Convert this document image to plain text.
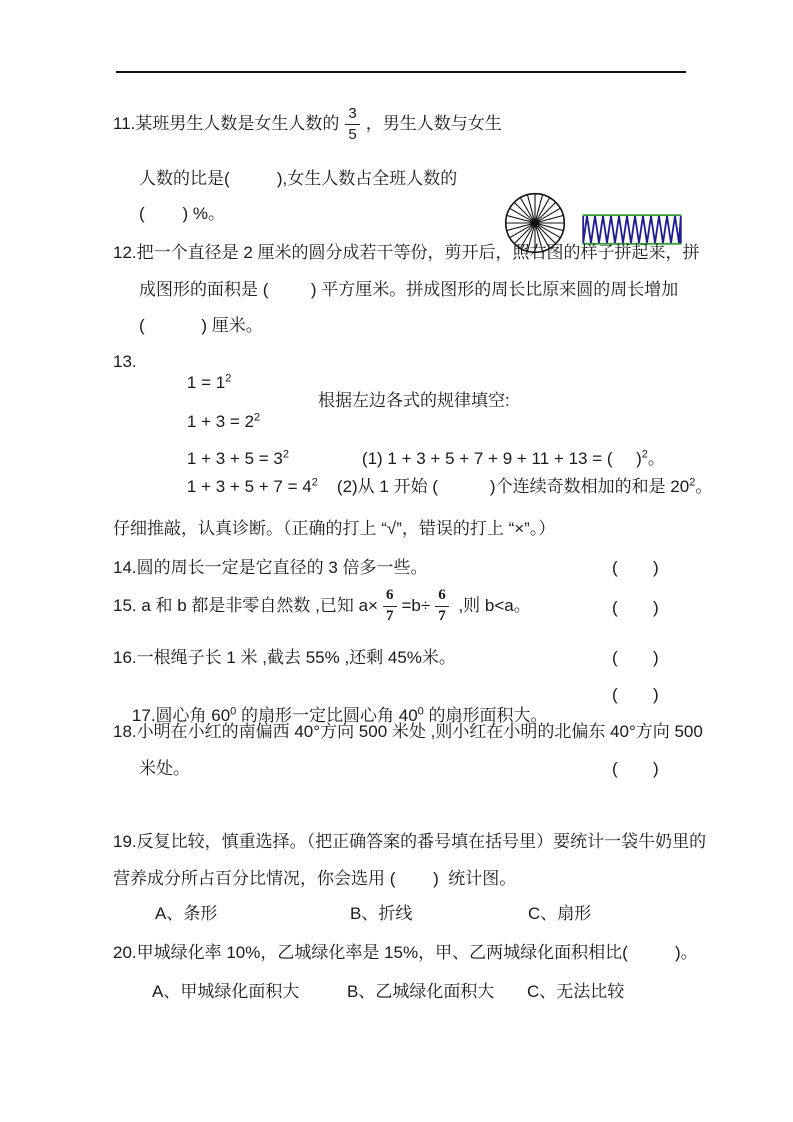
11.某班男生人数是女生人数的 $\frac{3}{5}$ ，男生人数与女生
人数的比是(          ),女生人数占全班人数的
(        ) %。

12.把一个直径是 2 厘米的圆分成若干等份，剪开后，照右图的样子拼起来，拼
成图形的面积是 (         ) 平方厘米。拼成图形的周长比原来圆的周长增加
(            ) 厘米。
13.

$1 = 1^2$

$1 + 3 = 2^2$

根据左边各式的规律填空:

$1 + 3 + 5 = 3^2$
	(1) 1 + 3 + 5 + 7 + 9 + 11 + 13 = (     )$^2$。

$1 + 3 + 5 + 7 = 4^2$
	(2)从 1 开始 (           )个连续奇数相加的和是 $20^2$。

仔细推敲，认真诊断。（正确的打上 “√”，错误的打上 “×”。）
14.圆的周长一定是它直径的 3 倍多一些。	(      )
15. a 和 b 都是非零自然数 ,已知 $a\times \frac{6}{7} =b\div \frac{6}{7}$ ,则 b<a。	(      )
16.一根绳子长 1 米 ,截去 55% ,还剩 45%米。	(      )

17.圆心角 $60^0$ 的扇形一定比圆心角 $40^0$ 的扇形面积大。

(      )
18.小明在小红的南偏西 40°方向 500 米处 ,则小红在小明的北偏东 40°方向 500
米处。	(      )
19.反复比较，慎重选择。（把正确答案的番号填在括号里）要统计一袋牛奶里的
营养成分所占百分比情况，你会选用 (        )  统计图。
A、条形	B、折线	C、扇形
20.甲城绿化率 10%，乙城绿化率是 15%，甲、乙两城绿化面积相比(          )。
A、甲城绿化面积大	B、乙城绿化面积大 C、无法比较
